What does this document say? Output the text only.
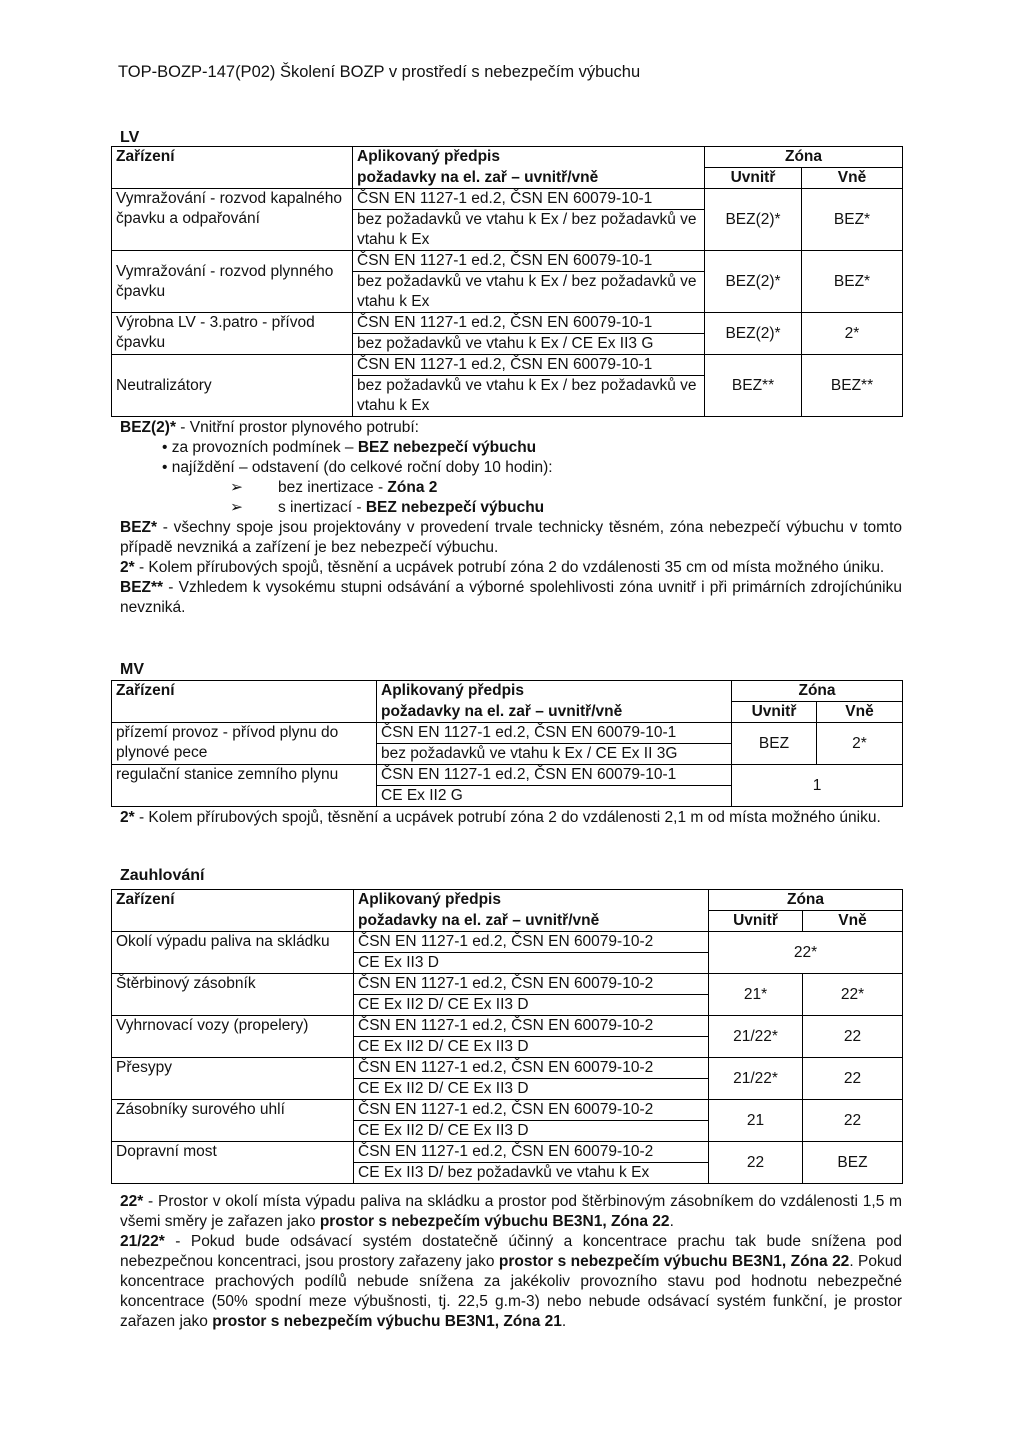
TOP-BOZP-147(P02) Školení BOZP v prostředí s nebezpečím výbuchu
LV
Zařízení	Aplikovaný předpis	Zóna	
	požadavky na el. zař – uvnitř/vně	Uvnitř	Vně
Vymražování - rozvod kapalného čpavku a odpařování	ČSN EN 1127-1 ed.2, ČSN EN 60079-10-1
bez požadavků ve vtahu k Ex / bez požadavků ve vtahu k Ex	BEZ(2)*	BEZ*
Vymražování - rozvod plynného čpavku	ČSN EN 1127-1 ed.2, ČSN EN 60079-10-1
bez požadavků ve vtahu k Ex / bez požadavků ve vtahu k Ex	BEZ(2)*	BEZ*
Výrobna LV - 3.patro - přívod čpavku	ČSN EN 1127-1 ed.2, ČSN EN 60079-10-1
bez požadavků ve vtahu k Ex / CE Ex II3 G	BEZ(2)*	2*
Neutralizátory	ČSN EN 1127-1 ed.2, ČSN EN 60079-10-1
bez požadavků ve vtahu k Ex / bez požadavků ve vtahu k Ex	BEZ**	BEZ**

BEZ(2)* - Vnitřní prostor plynového potrubí:

• za provozních podmínek – BEZ nebezpečí výbuchu

• najíždění – odstavení (do celkové roční doby 10 hodin):

➢ bez inertizace - Zóna 2

➢ s inertizací - BEZ nebezpečí výbuchu

BEZ* - všechny spoje jsou projektovány v provedení trvale technicky těsném, zóna nebezpečí výbuchu v tomto případě nevzniká a zařízení je bez nebezpečí výbuchu.

2* - Kolem přírubových spojů, těsnění a ucpávek potrubí zóna 2 do vzdálenosti 35 cm od místa možného úniku.

BEZ** - Vzhledem k vysokému stupni odsávání a výborné spolehlivosti zóna uvnitř i při primárních zdrojíchúniku nevzniká.

MV
Zařízení	Aplikovaný předpis	Zóna	
	požadavky na el. zař – uvnitř/vně	Uvnitř	Vně
přízemí provoz - přívod plynu do plynové pece	ČSN EN 1127-1 ed.2, ČSN EN 60079-10-1
bez požadavků ve vtahu k Ex / CE Ex II 3G	BEZ	2*
regulační stanice zemního plynu	ČSN EN 1127-1 ed.2, ČSN EN 60079-10-1
CE Ex II2 G	1	

2* - Kolem přírubových spojů, těsnění a ucpávek potrubí zóna 2 do vzdálenosti 2,1 m od místa možného úniku.

Zauhlování
Zařízení	Aplikovaný předpis	Zóna	
	požadavky na el. zař – uvnitř/vně	Uvnitř	Vně
Okolí výpadu paliva na skládku	ČSN EN 1127-1 ed.2, ČSN EN 60079-10-2
CE Ex II3 D	22*	
Štěrbinový zásobník	ČSN EN 1127-1 ed.2, ČSN EN 60079-10-2
CE Ex II2 D/ CE Ex II3 D	21*	22*
Vyhrnovací vozy (propelery)	ČSN EN 1127-1 ed.2, ČSN EN 60079-10-2
CE Ex II2 D/ CE Ex II3 D	21/22*	22
Přesypy	ČSN EN 1127-1 ed.2, ČSN EN 60079-10-2
CE Ex II2 D/ CE Ex II3 D	21/22*	22
Zásobníky surového uhlí	ČSN EN 1127-1 ed.2, ČSN EN 60079-10-2
CE Ex II2 D/ CE Ex II3 D	21	22
Dopravní most	ČSN EN 1127-1 ed.2, ČSN EN 60079-10-2
CE Ex II3 D/ bez požadavků ve vtahu k Ex	22	BEZ

22* - Prostor v okolí místa výpadu paliva na skládku a prostor pod štěrbinovým zásobníkem do vzdálenosti 1,5 m všemi směry je zařazen jako prostor s nebezpečím výbuchu BE3N1, Zóna 22.

21/22* - Pokud bude odsávací systém dostatečně účinný a koncentrace prachu tak bude snížena pod nebezpečnou koncentraci, jsou prostory zařazeny jako prostor s nebezpečím výbuchu BE3N1, Zóna 22. Pokud koncentrace prachových podílů nebude snížena za jakékoliv provozního stavu pod hodnotu nebezpečné koncentrace (50% spodní meze výbušnosti, tj. 22,5 g.m-3) nebo nebude odsávací systém funkční, je prostor zařazen jako prostor s nebezpečím výbuchu BE3N1, Zóna 21.
